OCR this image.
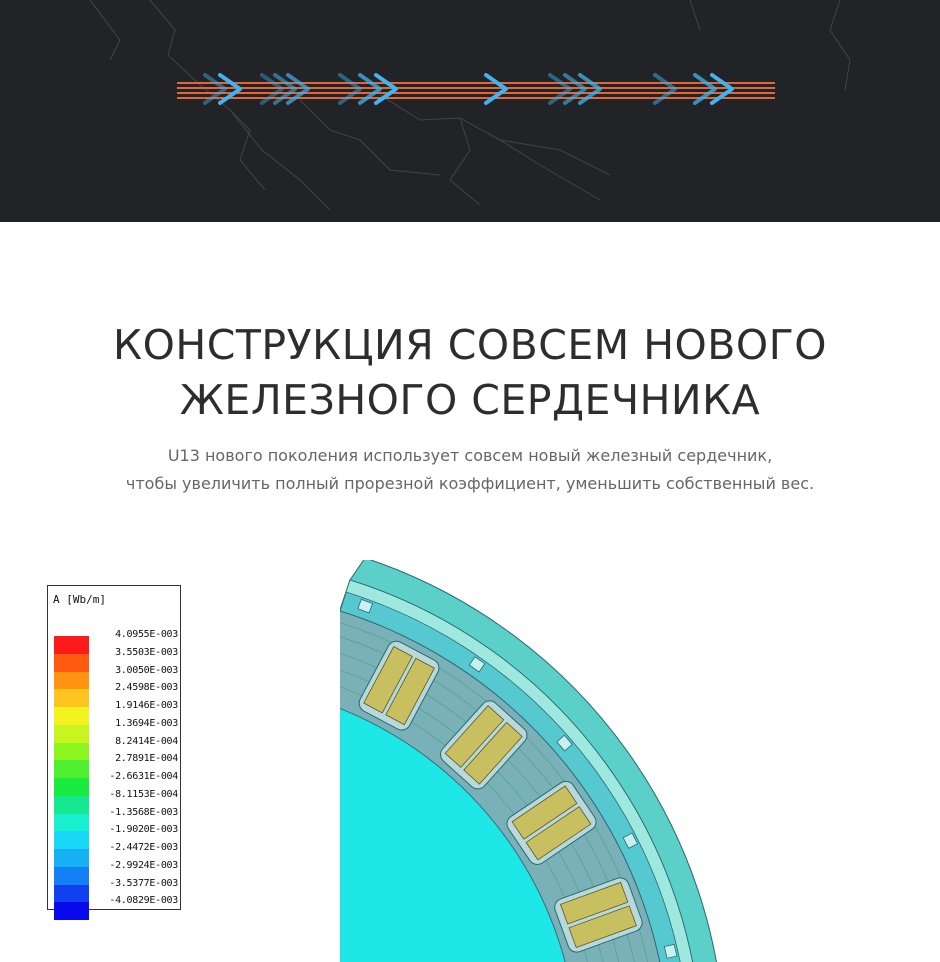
КОНСТРУКЦИЯ СОВСЕМ НОВОГО
ЖЕЛЕЗНОГО СЕРДЕЧНИКА
U13 нового поколения использует совсем новый железный сердечник,
чтобы увеличить полный прорезной коэффициент, уменьшить собственный вес.
A [Wb/m]
4.0955E-003
3.5503E-003
3.0050E-003
2.4598E-003
1.9146E-003
1.3694E-003
8.2414E-004
2.7891E-004
-2.6631E-004
-8.1153E-004
-1.3568E-003
-1.9020E-003
-2.4472E-003
-2.9924E-003
-3.5377E-003
-4.0829E-003
